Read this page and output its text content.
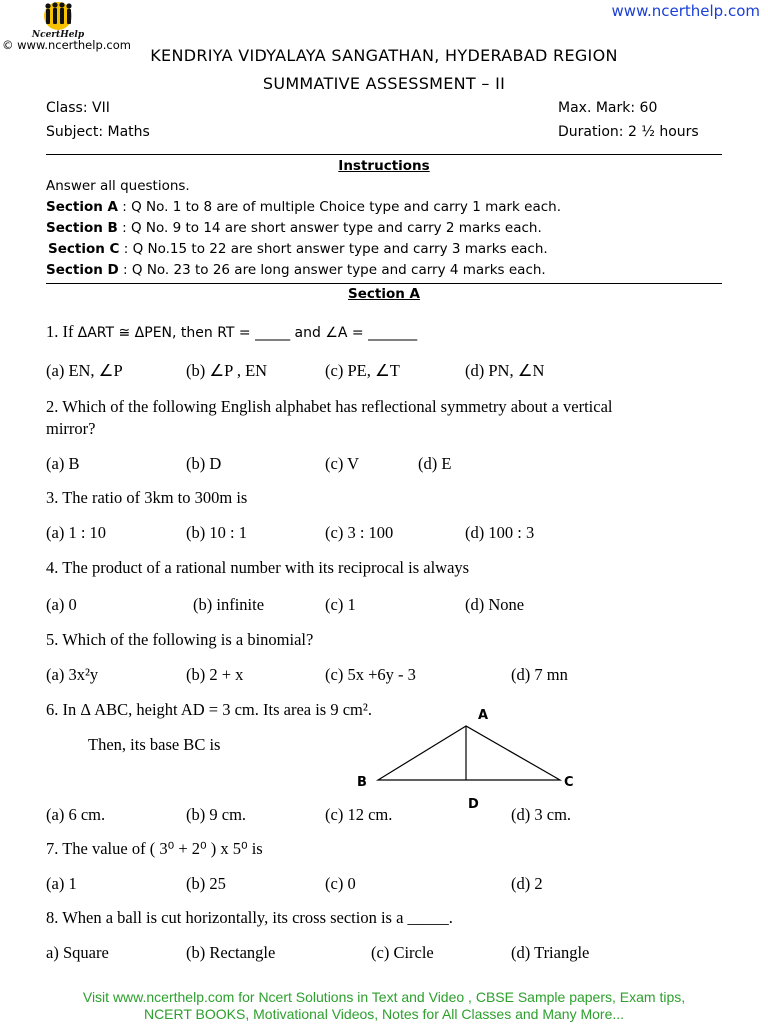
www.ncerthelp.com
NcertHelp
© www.ncerthelp.com
KENDRIYA VIDYALAYA SANGATHAN, HYDERABAD REGION
SUMMATIVE ASSESSMENT – II
Class: VII
Subject: Maths
Max. Mark: 60
Duration: 2 ½ hours
Instructions
Answer all questions.
Section A : Q No. 1 to 8 are of multiple Choice type and carry 1 mark each.
Section B : Q No. 9 to 14 are short answer type and carry 2 marks each.
Section C : Q No.15 to 22 are short answer type and carry 3 marks each.
Section D : Q No. 23 to 26 are long answer type and carry 4 marks each.
Section A
1. If ΔART ≅ ΔPEN, then RT = _____ and ∠A = _______
(a) EN, ∠P	(b) ∠P , EN	(c) PE, ∠T	(d) PN, ∠N
2. Which of the following English alphabet has reflectional symmetry about a vertical
mirror?
(a) B	(b) D	(c) V	(d) E
3. The ratio of 3km to 300m is
(a) 1 : 10	(b) 10 : 1	(c) 3 : 100	(d) 100 : 3
4. The product of a rational number with its reciprocal is always
(a) 0	(b) infinite	(c) 1	(d) None
5. Which of the following is a binomial?
(a) 3x²y	(b) 2 + x	(c) 5x +6y - 3	(d) 7 mn
6. In Δ ABC, height AD = 3 cm. Its area is 9 cm².
Then, its base BC is
A
B	C
D
(a) 6 cm.	(b) 9 cm.	(c) 12 cm.	(d) 3 cm.
7. The value of ( 3⁰ + 2⁰ ) x 5⁰ is
(a) 1	(b) 25	(c) 0	(d) 2
8. When a ball is cut horizontally, its cross section is a _____.
a) Square	(b) Rectangle	(c) Circle	(d) Triangle
Visit www.ncerthelp.com for Ncert Solutions in Text and Video , CBSE Sample papers, Exam tips,
NCERT BOOKS, Motivational Videos, Notes for All Classes and Many More...
